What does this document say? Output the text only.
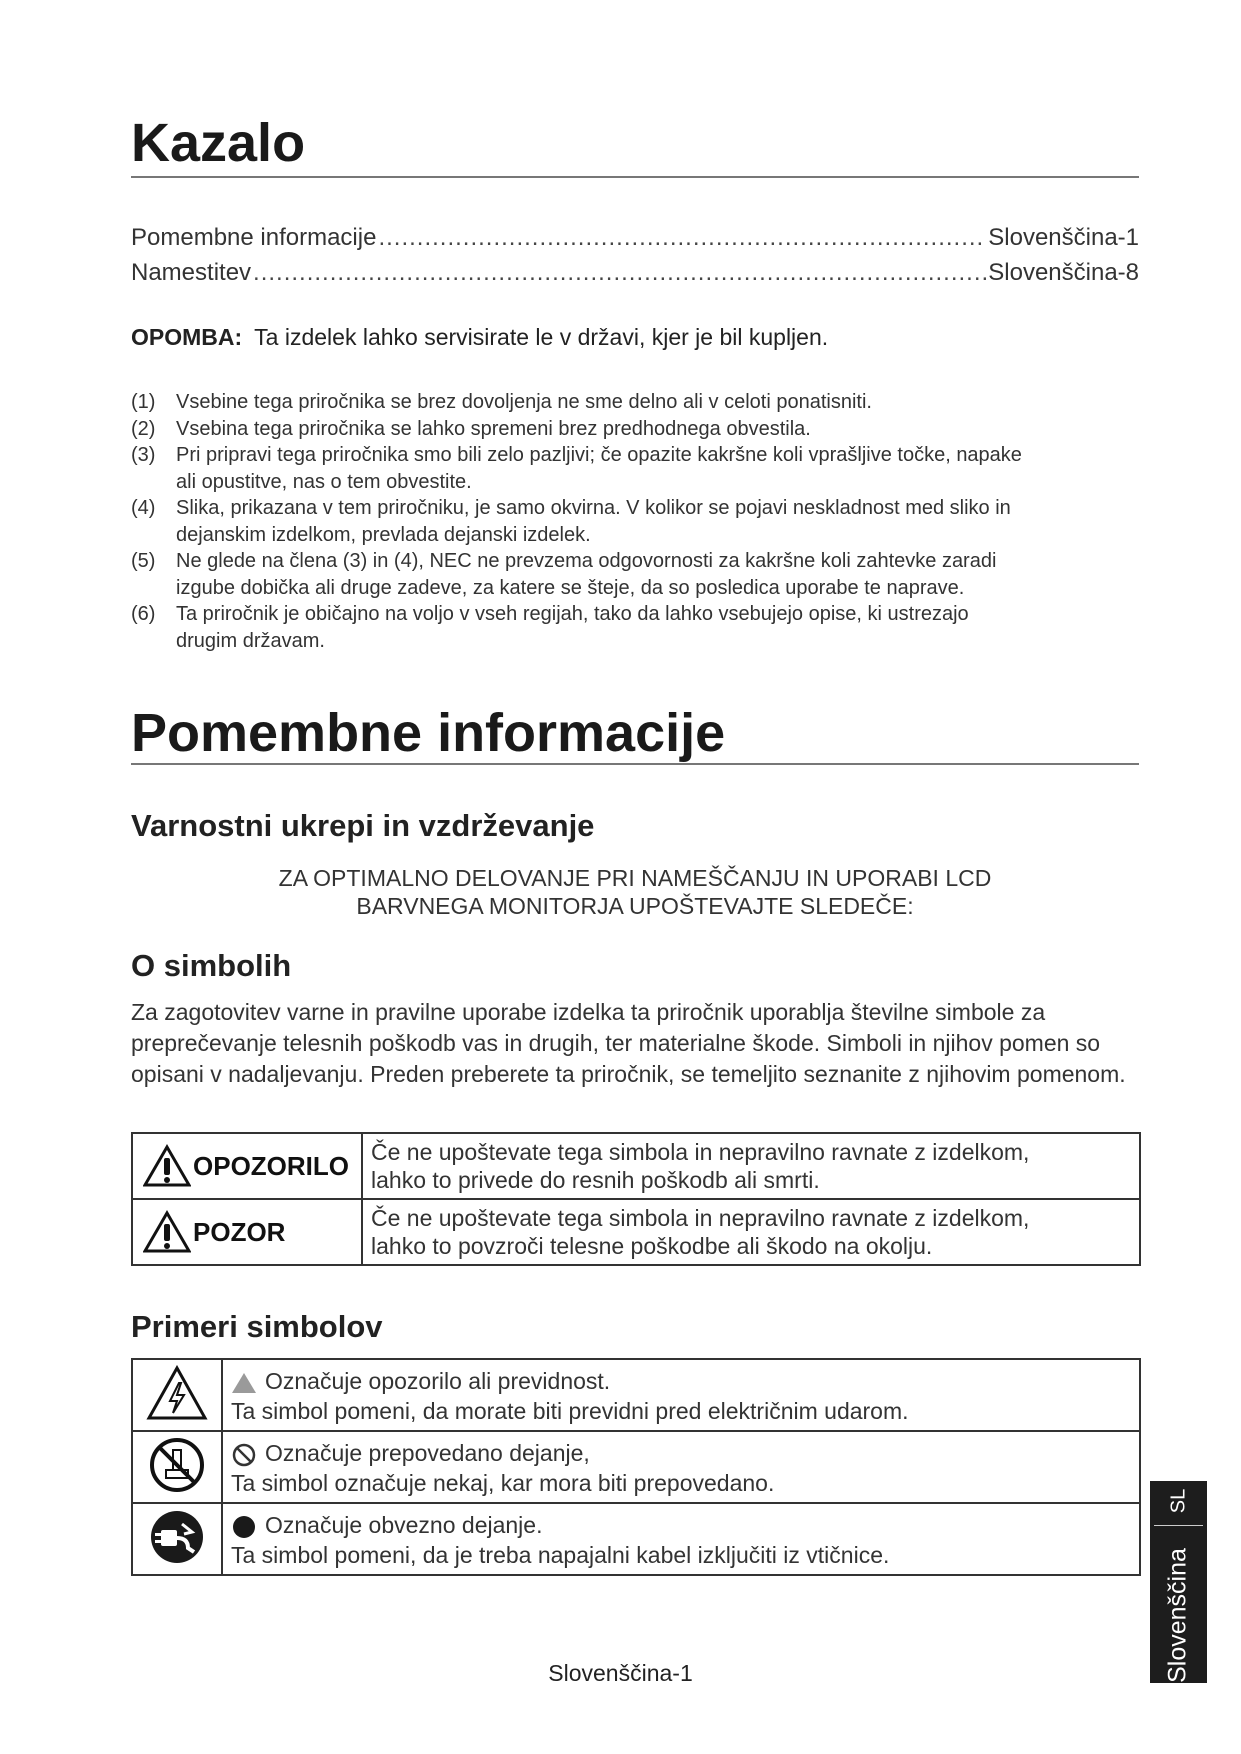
Kazalo
Pomembne informacije .....	Slovenščina-1
Namestitev .....	Slovenščina-8
OPOMBA: Ta izdelek lahko servisirate le v državi, kjer je bil kupljen.
(1) Vsebine tega priročnika se brez dovoljenja ne sme delno ali v celoti ponatisniti.
(2) Vsebina tega priročnika se lahko spremeni brez predhodnega obvestila.
(3) Pri pripravi tega priročnika smo bili zelo pazljivi; če opazite kakršne koli vprašljive točke, napake
ali opustitve, nas o tem obvestite.
(4) Slika, prikazana v tem priročniku, je samo okvirna. V kolikor se pojavi neskladnost med sliko in
dejanskim izdelkom, prevlada dejanski izdelek.
(5) Ne glede na člena (3) in (4), NEC ne prevzema odgovornosti za kakršne koli zahtevke zaradi
izgube dobička ali druge zadeve, za katere se šteje, da so posledica uporabe te naprave.
(6) Ta priročnik je običajno na voljo v vseh regijah, tako da lahko vsebujejo opise, ki ustrezajo
drugim državam.
Pomembne informacije
Varnostni ukrepi in vzdrževanje
ZA OPTIMALNO DELOVANJE PRI NAMEŠČANJU IN UPORABI LCD
BARVNEGA MONITORJA UPOŠTEVAJTE SLEDEČE:
O simbolih
Za zagotovitev varne in pravilne uporabe izdelka ta priročnik uporablja številne simbole za preprečevanje telesnih poškodb vas in drugih, ter materialne škode. Simboli in njihov pomen so opisani v nadaljevanju. Preden preberete ta priročnik, se temeljito seznanite z njihovim pomenom.
OPOZORILO	Če ne upoštevate tega simbola in nepravilno ravnate z izdelkom,
lahko to privede do resnih poškodb ali smrti.

POZOR	Če ne upoštevate tega simbola in nepravilno ravnate z izdelkom,
lahko to povzroči telesne poškodbe ali škodo na okolju.
Primeri simbolov

Označuje opozorilo ali previdnost.
Ta simbol pomeni, da morate biti previdni pred električnim udarom.

Označuje prepovedano dejanje,
Ta simbol označuje nekaj, kar mora biti prepovedano.

Označuje obvezno dejanje.
Ta simbol pomeni, da je treba napajalni kabel izključiti iz vtičnice.
Slovenščina-1
SL
Slovenščina
